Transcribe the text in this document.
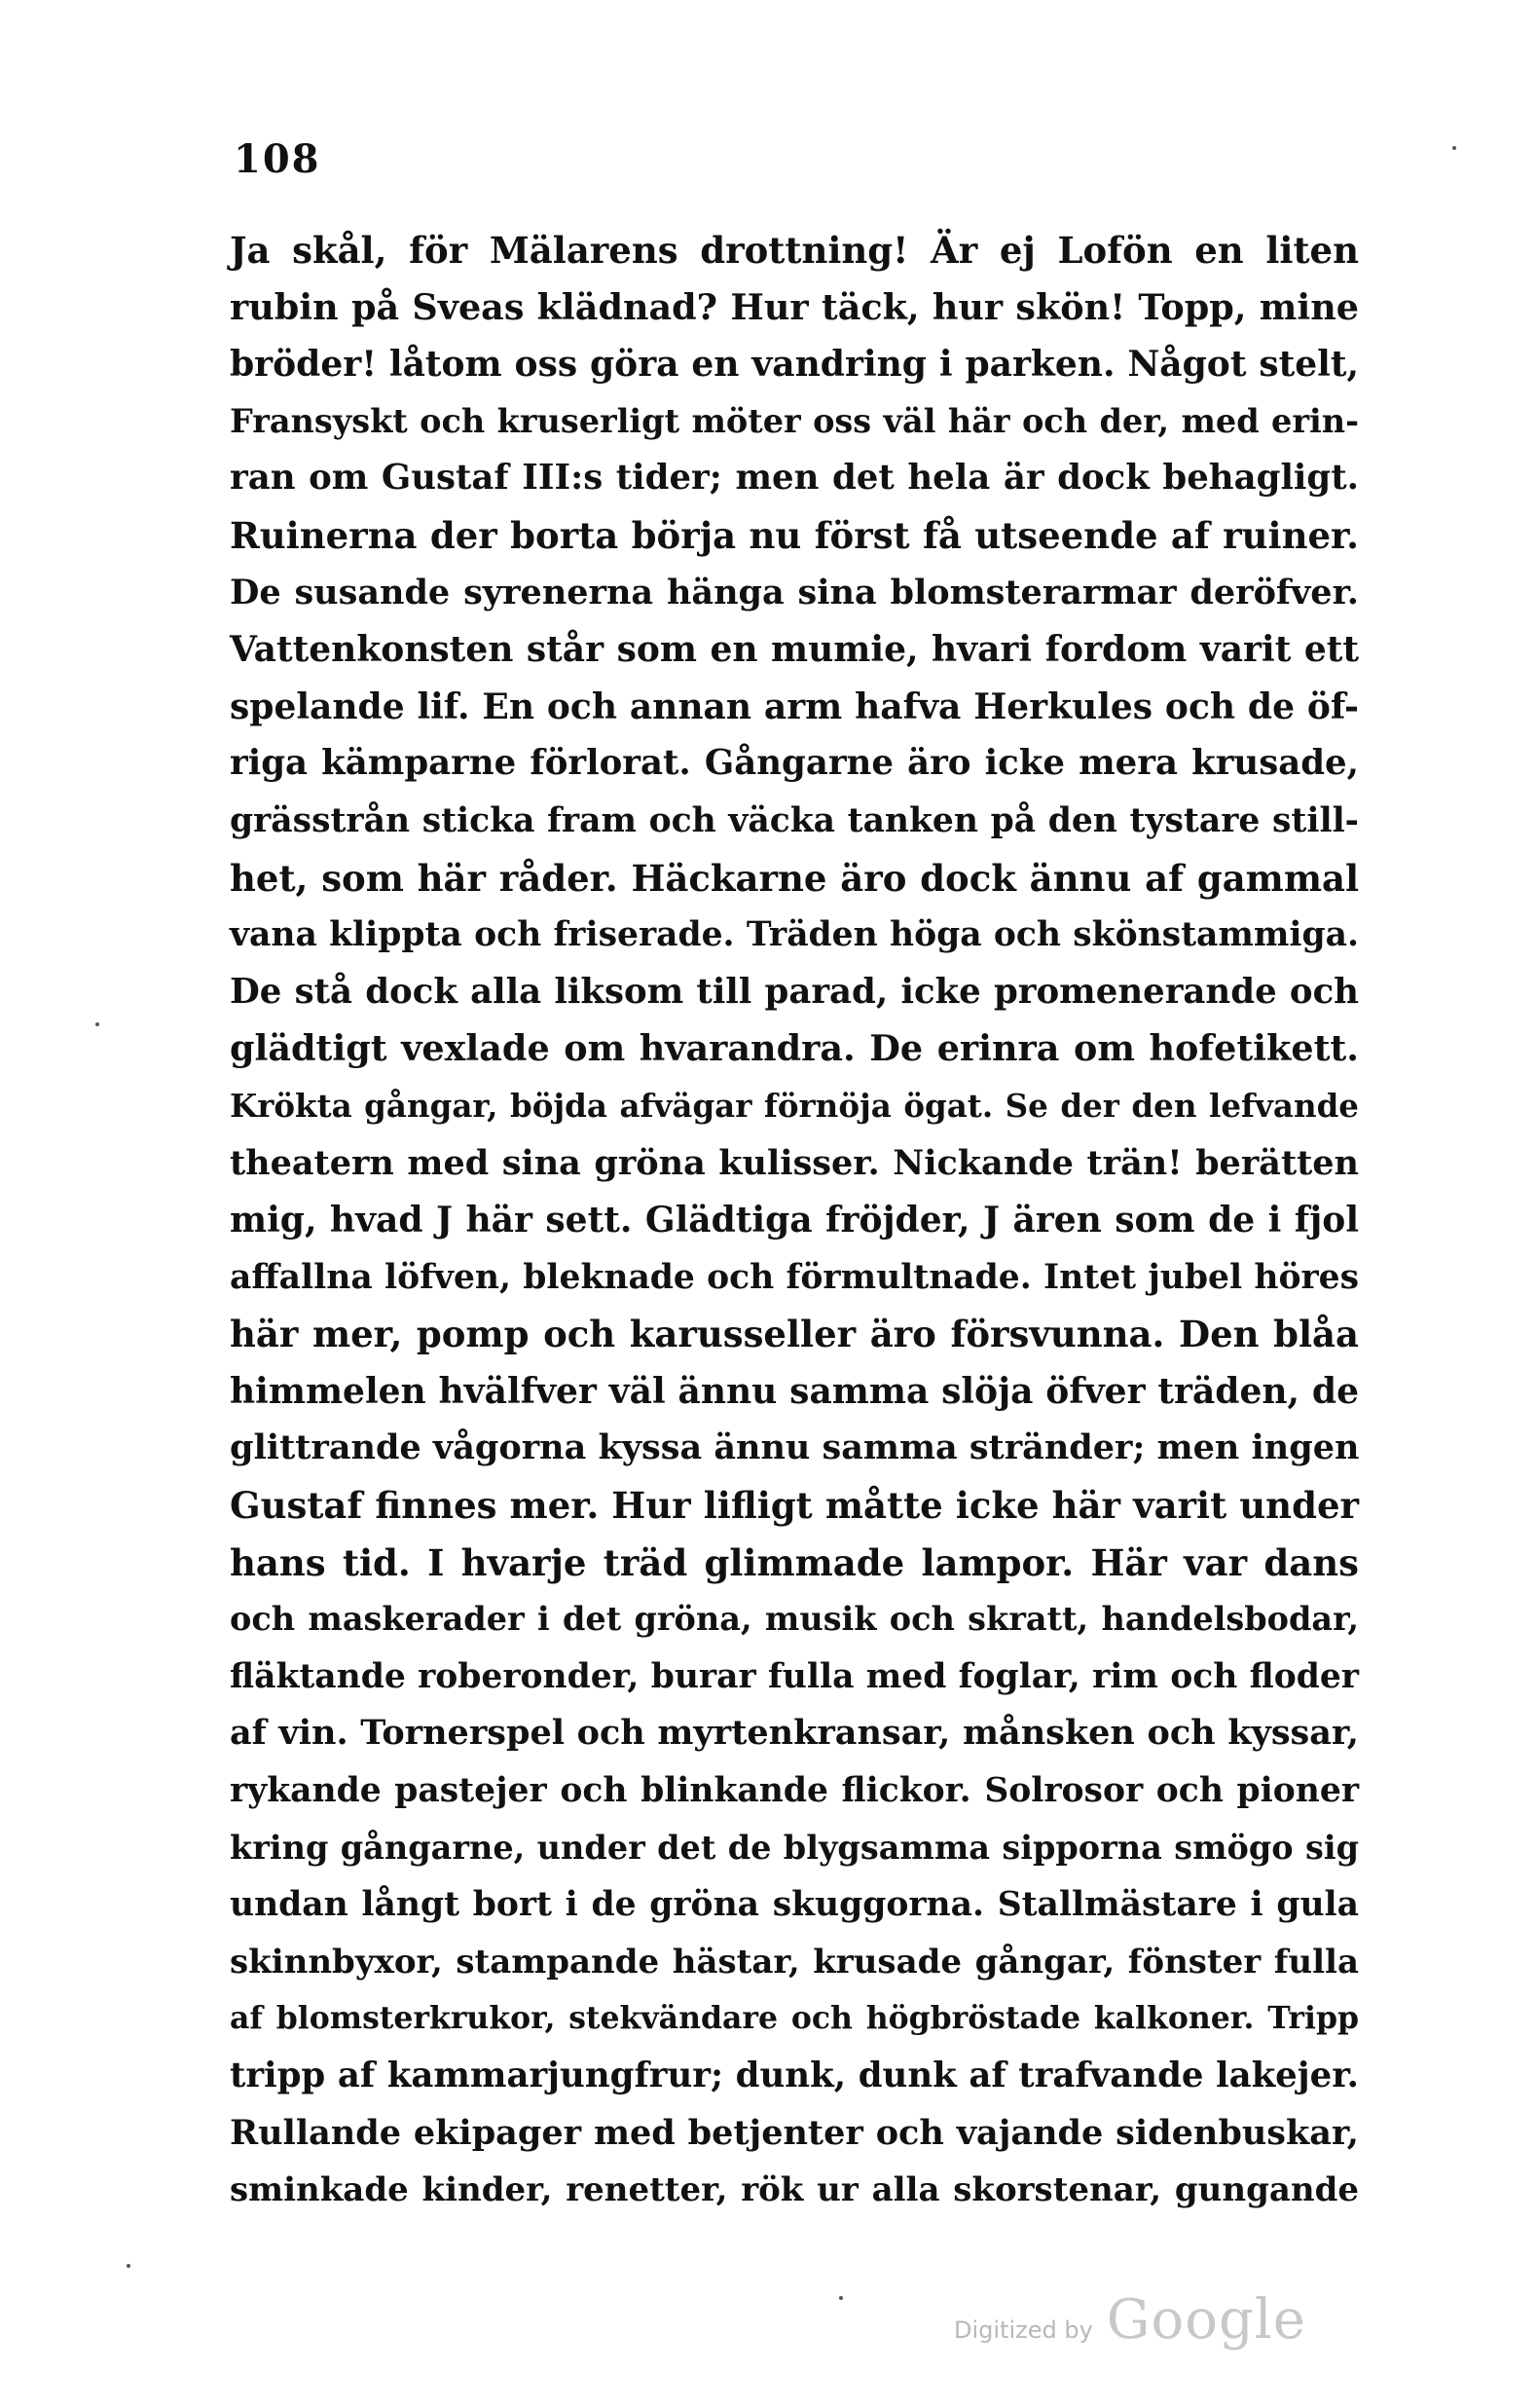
108

Ja skål, för Mälarens drottning! Är ej Lofön en liten
rubin på Sveas klädnad? Hur täck, hur skön! Topp, mine
bröder! låtom oss göra en vandring i parken. Något stelt,
Fransyskt och kruserligt möter oss väl här och der, med erin-
ran om Gustaf III:s tider; men det hela är dock behagligt.
Ruinerna der borta börja nu först få utseende af ruiner.
De susande syrenerna hänga sina blomsterarmar deröfver.
Vattenkonsten står som en mumie, hvari fordom varit ett
spelande lif. En och annan arm hafva Herkules och de öf-
riga kämparne förlorat. Gångarne äro icke mera krusade,
grässtrån sticka fram och väcka tanken på den tystare still-
het, som här råder. Häckarne äro dock ännu af gammal
vana klippta och friserade. Träden höga och skönstammiga.
De stå dock alla liksom till parad, icke promenerande och
glädtigt vexlade om hvarandra. De erinra om hofetikett.
Krökta gångar, böjda afvägar förnöja ögat. Se der den lefvande
theatern med sina gröna kulisser. Nickande trän! berätten
mig, hvad J här sett. Glädtiga fröjder, J ären som de i fjol
affallna löfven, bleknade och förmultnade. Intet jubel höres
här mer, pomp och karusseller äro försvunna. Den blåa
himmelen hvälfver väl ännu samma slöja öfver träden, de
glittrande vågorna kyssa ännu samma stränder; men ingen
Gustaf finnes mer. Hur lifligt måtte icke här varit under
hans tid. I hvarje träd glimmade lampor. Här var dans
och maskerader i det gröna, musik och skratt, handelsbodar,
fläktande roberonder, burar fulla med foglar, rim och floder
af vin. Tornerspel och myrtenkransar, månsken och kyssar,
rykande pastejer och blinkande flickor. Solrosor och pioner
kring gångarne, under det de blygsamma sipporna smögo sig
undan långt bort i de gröna skuggorna. Stallmästare i gula
skinnbyxor, stampande hästar, krusade gångar, fönster fulla
af blomsterkrukor, stekvändare och högbröstade kalkoner. Tripp
tripp af kammarjungfrur; dunk, dunk af trafvande lakejer.
Rullande ekipager med betjenter och vajande sidenbuskar,
sminkade kinder, renetter, rök ur alla skorstenar, gungande
Digitized by Google
